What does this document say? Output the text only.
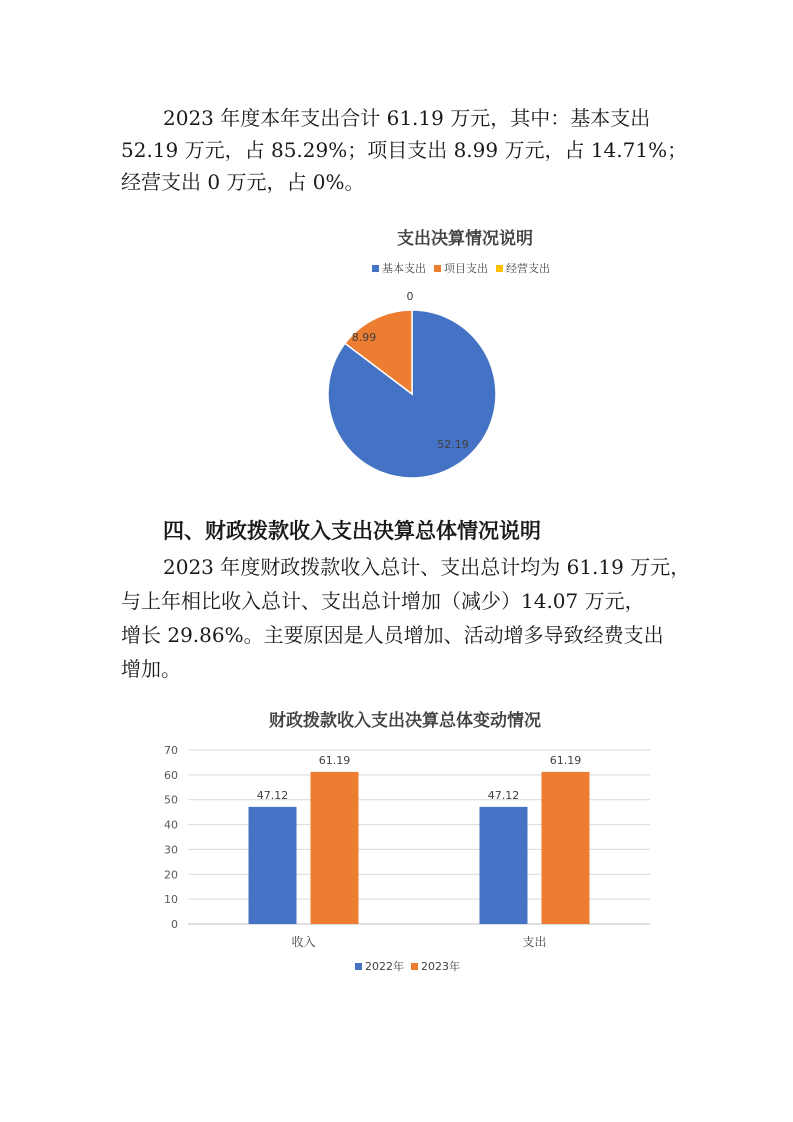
2023 年度本年支出合计 61.19 万元，其中：基本支出
52.19 万元，占 85.29%；项目支出 8.99 万元，占 14.71%；
经营支出 0 万元，占 0%。

支出决算情况说明
基本支出 项目支出 经营支出
52.19
8.99
0
四、财政拨款收入支出决算总体情况说明

2023 年度财政拨款收入总计、支出总计均为 61.19 万元，
与上年相比收入总计、支出总计增加（减少）14.07 万元，
增长 29.86%。主要原因是人员增加、活动增多导致经费支出
增加。

财政拨款收入支出决算总体变动情况
0
10
20
30
40
50
60
70
47.12
61.19
收入
47.12
61.19
支出
2022年 2023年
